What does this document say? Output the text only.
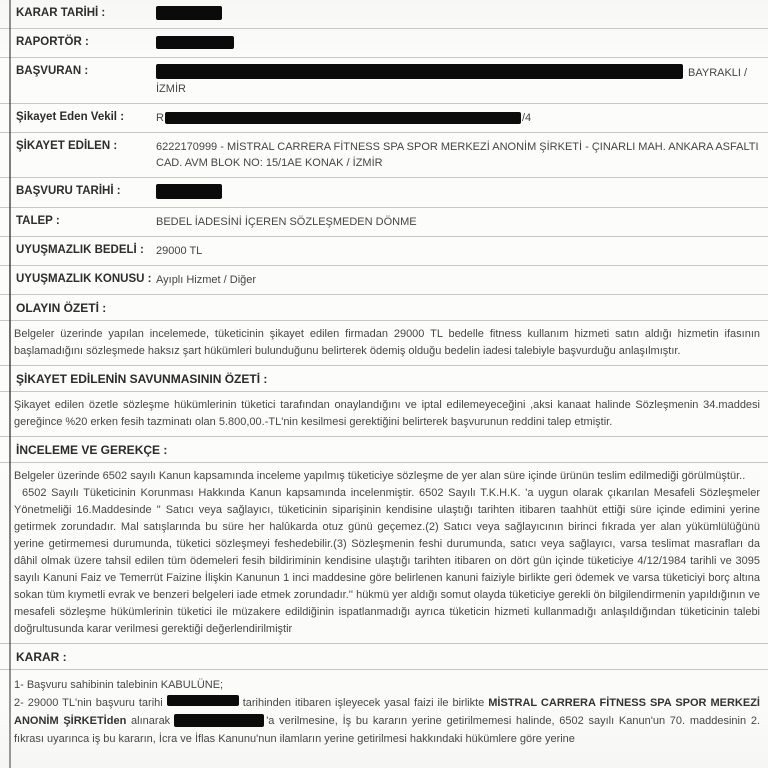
KARAR TARİHİ :
RAPORTÖR :
BAŞVURAN :	BAYRAKLI /
İZMİR
Şikayet Eden Vekil :	R	/4
ŞİKAYET EDİLEN :	6222170999 - MİSTRAL CARRERA FİTNESS SPA SPOR MERKEZİ ANONİM ŞİRKETİ - ÇINARLI MAH. ANKARA ASFALTI CAD. AVM BLOK NO: 15/1AE KONAK / İZMİR
BAŞVURU TARİHİ :
TALEP :	BEDEL İADESİNİ İÇEREN SÖZLEŞMEDEN DÖNME
UYUŞMAZLIK BEDELİ :	29000 TL
UYUŞMAZLIK KONUSU : Ayıplı Hizmet / Diğer
OLAYIN ÖZETİ :

Belgeler üzerinde yapılan incelemede, tüketicinin şikayet edilen firmadan 29000 TL bedelle fitness kullanım hizmeti satın aldığı hizmetin ifasının başlamadığını sözleşmede haksız şart hükümleri bulunduğunu belirterek ödemiş olduğu bedelin iadesi talebiyle başvurduğu anlaşılmıştır.

ŞİKAYET EDİLENİN SAVUNMASININ ÖZETİ :

Şikayet edilen özetle sözleşme hükümlerinin tüketici tarafından onaylandığını ve iptal edilemeyeceğini ,aksi kanaat halinde Sözleşmenin 34.maddesi gereğince %20 erken fesih tazminatı olan 5.800,00.-TL'nin kesilmesi gerektiğini belirterek başvurunun reddini talep etmiştir.

İNCELEME VE GEREKÇE :

Belgeler üzerinde 6502 sayılı Kanun kapsamında inceleme yapılmış tüketiciye sözleşme de yer alan süre içinde ürünün teslim edilmediği görülmüştür..

6502 Sayılı Tüketicinin Korunması Hakkında Kanun kapsamında incelenmiştir. 6502 Sayılı T.K.H.K. 'a uygun olarak çıkarılan Mesafeli Sözleşmeler Yönetmeliği 16.Maddesinde '' Satıcı veya sağlayıcı, tüketicinin siparişinin kendisine ulaştığı tarihten itibaren taahhüt ettiği süre içinde edimini yerine getirmek zorundadır. Mal satışlarında bu süre her halûkarda otuz günü geçemez.(2) Satıcı veya sağlayıcının birinci fıkrada yer alan yükümlülüğünü yerine getirmemesi durumunda, tüketici sözleşmeyi feshedebilir.(3) Sözleşmenin feshi durumunda, satıcı veya sağlayıcı, varsa teslimat masrafları da dâhil olmak üzere tahsil edilen tüm ödemeleri fesih bildiriminin kendisine ulaştığı tarihten itibaren on dört gün içinde tüketiciye 4/12/1984 tarihli ve 3095 sayılı Kanuni Faiz ve Temerrüt Faizine İlişkin Kanunun 1 inci maddesine göre belirlenen kanuni faiziyle birlikte geri ödemek ve varsa tüketiciyi borç altına sokan tüm kıymetli evrak ve benzeri belgeleri iade etmek zorundadır.'' hükmü yer aldığı somut olayda tüketiciye gerekli ön bilgilendirmenin yapıldığının ve mesafeli sözleşme hükümlerinin tüketici ile müzakere edildiğinin ispatlanmadığı ayrıca tüketicin hizmeti kullanmadığı anlaşıldığından tüketicinin talebi doğrultusunda karar verilmesi gerektiği değerlendirilmiştir

KARAR :

1- Başvuru sahibinin talebinin KABULÜNE;

2- 29000 TL'nin başvuru tarihi	tarihinden itibaren işleyecek yasal faizi ile birlikte MİSTRAL CARRERA FİTNESS SPA SPOR MERKEZİ ANONİM ŞİRKETİden alınarak	'a verilmesine, İş bu kararın yerine getirilmemesi halinde, 6502 sayılı Kanun'un 70. maddesinin 2. fıkrası uyarınca iş bu kararın, İcra ve İflas Kanunu'nun ilamların yerine getirilmesi hakkındaki hükümlere göre yerine
